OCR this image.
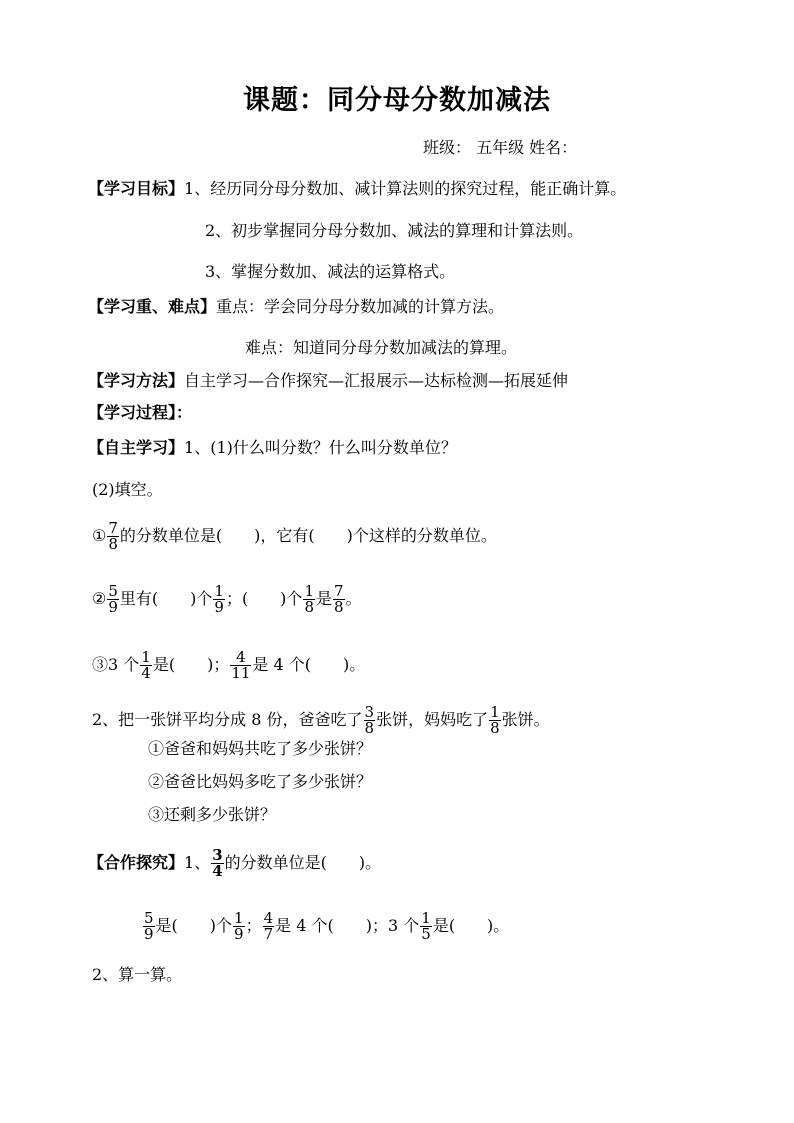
课题：同分母分数加减法
班级： 五年级 姓名：
【学习目标】1、经历同分母分数加、减计算法则的探究过程，能正确计算。
2、初步掌握同分母分数加、减法的算理和计算法则。
3、掌握分数加、减法的运算格式。
【学习重、难点】重点：学会同分母分数加减的计算方法。
难点：知道同分母分数加减法的算理。
【学习方法】自主学习—合作探究—汇报展示—达标检测—拓展延伸
【学习过程】：
【自主学习】1、(1)什么叫分数？什么叫分数单位？
(2)填空。
① $\frac{7}{8}$ 的分数单位是(　　)，它有(　　)个这样的分数单位。
② $\frac{5}{9}$ 里有(　　)个 $\frac{1}{9}$ ；(　　)个 $\frac{1}{8}$ 是 $\frac{7}{8}$ 。
③3 个 $\frac{1}{4}$ 是(　　)； $\frac{4}{11}$ 是 4 个(　　)。
2、把一张饼平均分成 8 份，爸爸吃了 $\frac{3}{8}$ 张饼，妈妈吃了 $\frac{1}{8}$ 张饼。
①爸爸和妈妈共吃了多少张饼？
②爸爸比妈妈多吃了多少张饼？
③还剩多少张饼？
【合作探究】1、 $\frac{3}{4}$ 的分数单位是(　　)。
$\frac{5}{9}$ 是(　　)个 $\frac{1}{9}$ ； $\frac{4}{7}$ 是 4 个(　　)；3 个 $\frac{1}{5}$ 是(　　)。
2、算一算。
